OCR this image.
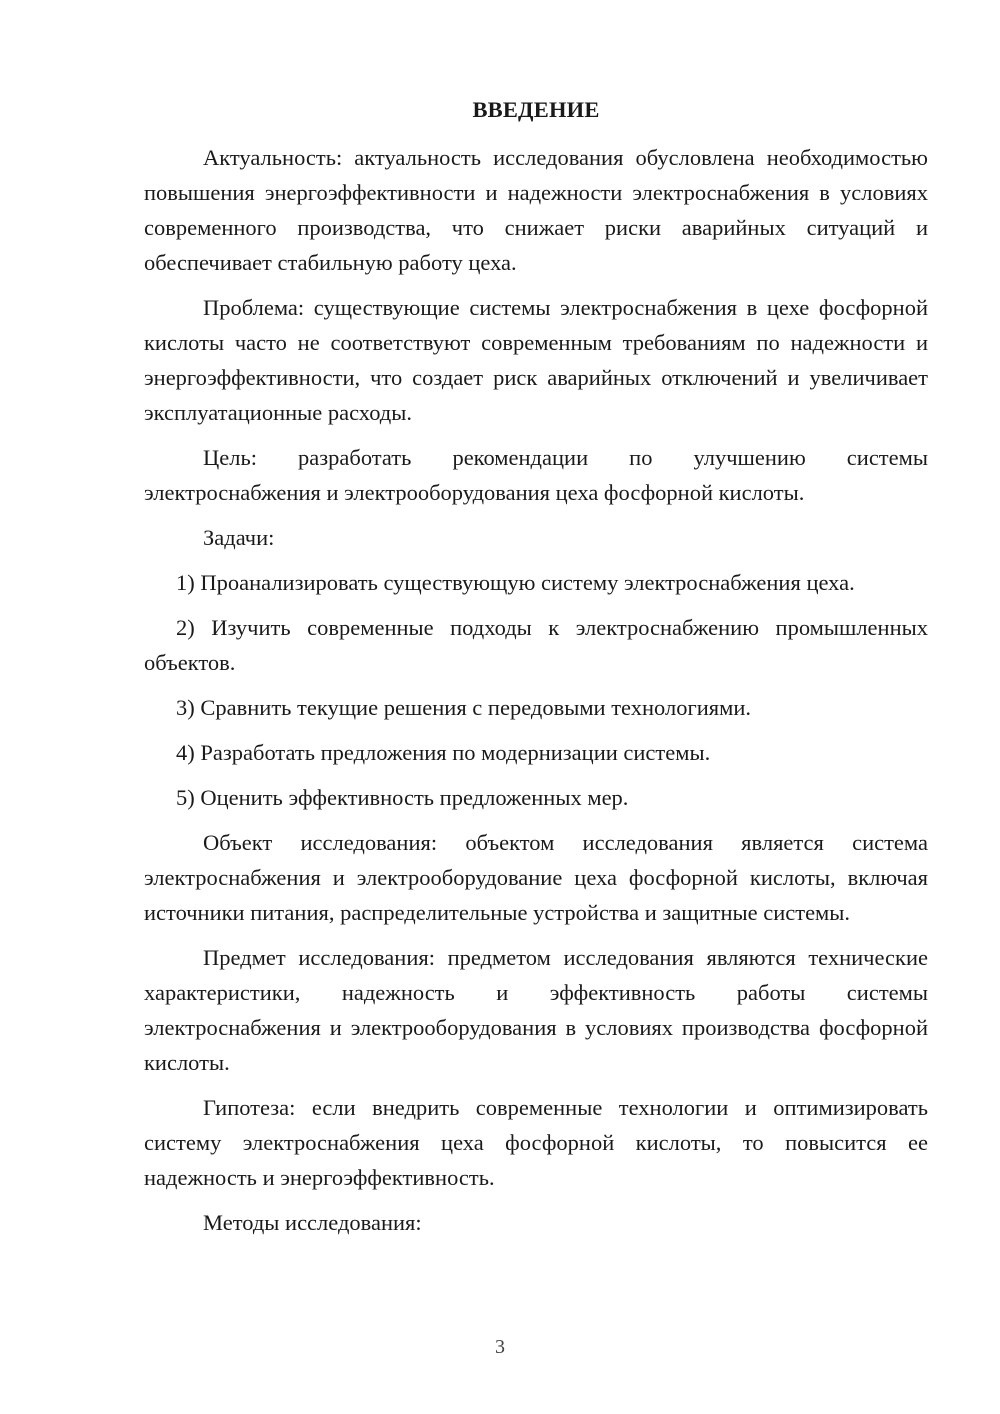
ВВЕДЕНИЕ

Актуальность: актуальность исследования обусловлена необходимостью повышения энергоэффективности и надежности электроснабжения в условиях современного производства, что снижает риски аварийных ситуаций и обеспечивает стабильную работу цеха.

Проблема: существующие системы электроснабжения в цехе фосфорной кислоты часто не соответствуют современным требованиям по надежности и энергоэффективности, что создает риск аварийных отключений и увеличивает эксплуатационные расходы.

Цель: разработать рекомендации по улучшению системы электроснабжения и электрооборудования цеха фосфорной кислоты.

Задачи:

1) Проанализировать существующую систему электроснабжения цеха.

2) Изучить современные подходы к электроснабжению промышленных объектов.

3) Сравнить текущие решения с передовыми технологиями.

4) Разработать предложения по модернизации системы.

5) Оценить эффективность предложенных мер.

Объект исследования: объектом исследования является система электроснабжения и электрооборудование цеха фосфорной кислоты, включая источники питания, распределительные устройства и защитные системы.

Предмет исследования: предметом исследования являются технические характеристики, надежность и эффективность работы системы электроснабжения и электрооборудования в условиях производства фосфорной кислоты.

Гипотеза: если внедрить современные технологии и оптимизировать систему электроснабжения цеха фосфорной кислоты, то повысится ее надежность и энергоэффективность.

Методы исследования:

3
